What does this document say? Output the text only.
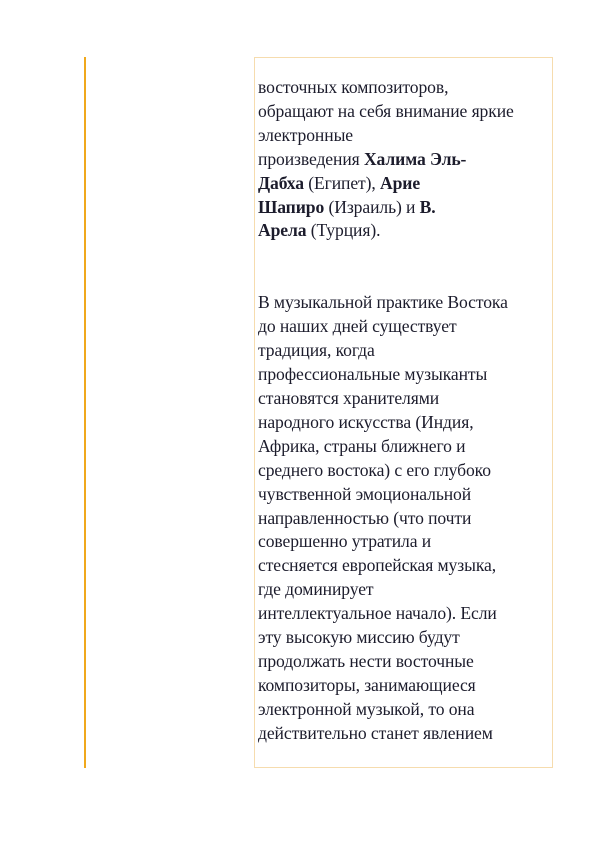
восточных композиторов,
обращают на себя внимание яркие
электронные
произведения Халима Эль-
Дабха (Египет), Арие
Шапиро (Израиль) и В.
Арела (Турция).

В музыкальной практике Востока
до наших дней существует
традиция, когда
профессиональные музыканты
становятся хранителями
народного искусства (Индия,
Африка, страны ближнего и
среднего востока) с его глубоко
чувственной эмоциональной
направленностью (что почти
совершенно утратила и
стесняется европейская музыка,
где доминирует
интеллектуальное начало). Если
эту высокую миссию будут
продолжать нести восточные
композиторы, занимающиеся
электронной музыкой, то она
действительно станет явлением
